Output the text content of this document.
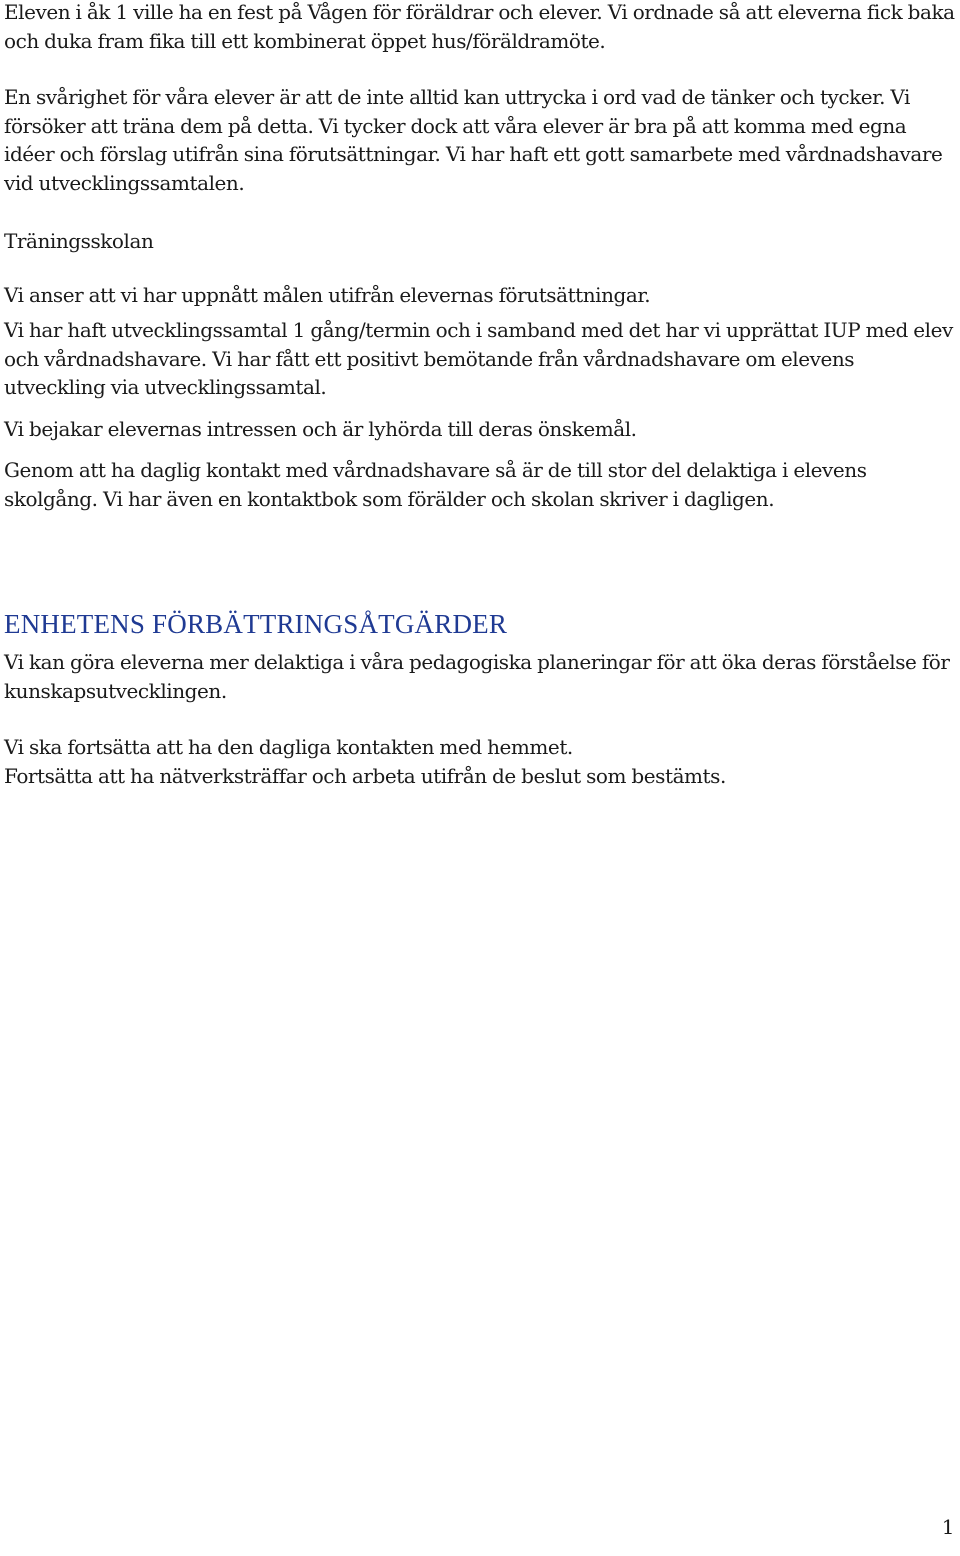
Eleven i åk 1 ville ha en fest på Vågen för föräldrar och elever. Vi ordnade så att eleverna fick baka och duka fram fika till ett kombinerat öppet hus/föräldramöte.

En svårighet för våra elever är att de inte alltid kan uttrycka i ord vad de tänker och tycker. Vi försöker att träna dem på detta. Vi tycker dock att våra elever är bra på att komma med egna idéer och förslag utifrån sina förutsättningar. Vi har haft ett gott samarbete med vårdnadshavare vid utvecklingssamtalen.

Träningsskolan

Vi anser att vi har uppnått målen utifrån elevernas förutsättningar.

Vi har haft utvecklingssamtal 1 gång/termin och i samband med det har vi upprättat IUP med elev och vårdnadshavare. Vi har fått ett positivt bemötande från vårdnadshavare om elevens utveckling via utvecklingssamtal.

Vi bejakar elevernas intressen och är lyhörda till deras önskemål.

Genom att ha daglig kontakt med vårdnadshavare så är de till stor del delaktiga i elevens skolgång. Vi har även en kontaktbok som förälder och skolan skriver i dagligen.

ENHETENS FÖRBÄTTRINGSÅTGÄRDER

Vi kan göra eleverna mer delaktiga i våra pedagogiska planeringar för att öka deras förståelse för kunskapsutvecklingen.

Vi ska fortsätta att ha den dagliga kontakten med hemmet.

Fortsätta att ha nätverksträffar och arbeta utifrån de beslut som bestämts.

1
